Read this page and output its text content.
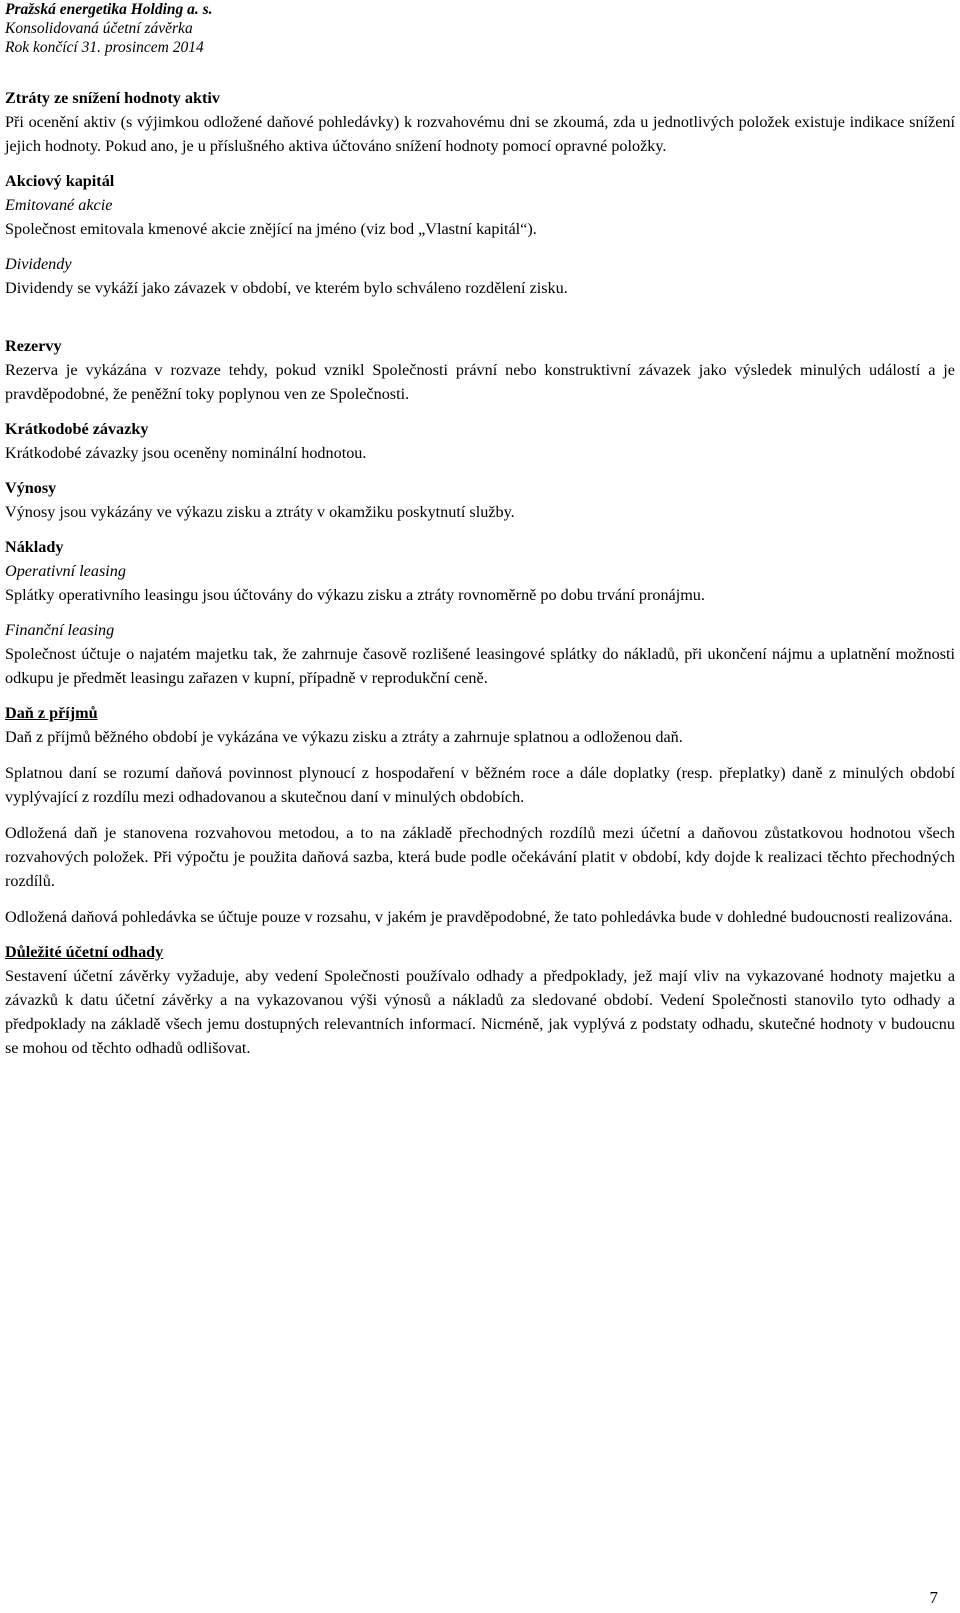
Pražská energetika Holding a. s.
Konsolidovaná účetní závěrka
Rok končící 31. prosincem 2014
Ztráty ze snížení hodnoty aktiv

Při ocenění aktiv (s výjimkou odložené daňové pohledávky) k rozvahovému dni se zkoumá, zda u jednotlivých položek existuje indikace snížení jejich hodnoty. Pokud ano, je u příslušného aktiva účtováno snížení hodnoty pomocí opravné položky.

Akciový kapitál
Emitované akcie

Společnost emitovala kmenové akcie znějící na jméno (viz bod „Vlastní kapitál“).

Dividendy

Dividendy se vykáží jako závazek v období, ve kterém bylo schváleno rozdělení zisku.

Rezervy

Rezerva je vykázána v rozvaze tehdy, pokud vznikl Společnosti právní nebo konstruktivní závazek jako výsledek minulých událostí a je pravděpodobné, že peněžní toky poplynou ven ze Společnosti.

Krátkodobé závazky

Krátkodobé závazky jsou oceněny nominální hodnotou.

Výnosy

Výnosy jsou vykázány ve výkazu zisku a ztráty v okamžiku poskytnutí služby.

Náklady
Operativní leasing

Splátky operativního leasingu jsou účtovány do výkazu zisku a ztráty rovnoměrně po dobu trvání pronájmu.

Finanční leasing

Společnost účtuje o najatém majetku tak, že zahrnuje časově rozlišené leasingové splátky do nákladů, při ukončení nájmu a uplatnění možnosti odkupu je předmět leasingu zařazen v kupní, případně v reprodukční ceně.

Daň z příjmů

Daň z příjmů běžného období je vykázána ve výkazu zisku a ztráty a zahrnuje splatnou a odloženou daň.

Splatnou daní se rozumí daňová povinnost plynoucí z hospodaření v běžném roce a dále doplatky (resp. přeplatky) daně z minulých období vyplývající z rozdílu mezi odhadovanou a skutečnou daní v minulých obdobích.

Odložená daň je stanovena rozvahovou metodou, a to na základě přechodných rozdílů mezi účetní a daňovou zůstatkovou hodnotou všech rozvahových položek. Při výpočtu je použita daňová sazba, která bude podle očekávání platit v období, kdy dojde k realizaci těchto přechodných rozdílů.

Odložená daňová pohledávka se účtuje pouze v rozsahu, v jakém je pravděpodobné, že tato pohledávka bude v dohledné budoucnosti realizována.

Důležité účetní odhady

Sestavení účetní závěrky vyžaduje, aby vedení Společnosti používalo odhady a předpoklady, jež mají vliv na vykazované hodnoty majetku a závazků k datu účetní závěrky a na vykazovanou výši výnosů a nákladů za sledované období. Vedení Společnosti stanovilo tyto odhady a předpoklady na základě všech jemu dostupných relevantních informací. Nicméně, jak vyplývá z podstaty odhadu, skutečné hodnoty v budoucnu se mohou od těchto odhadů odlišovat.

7
